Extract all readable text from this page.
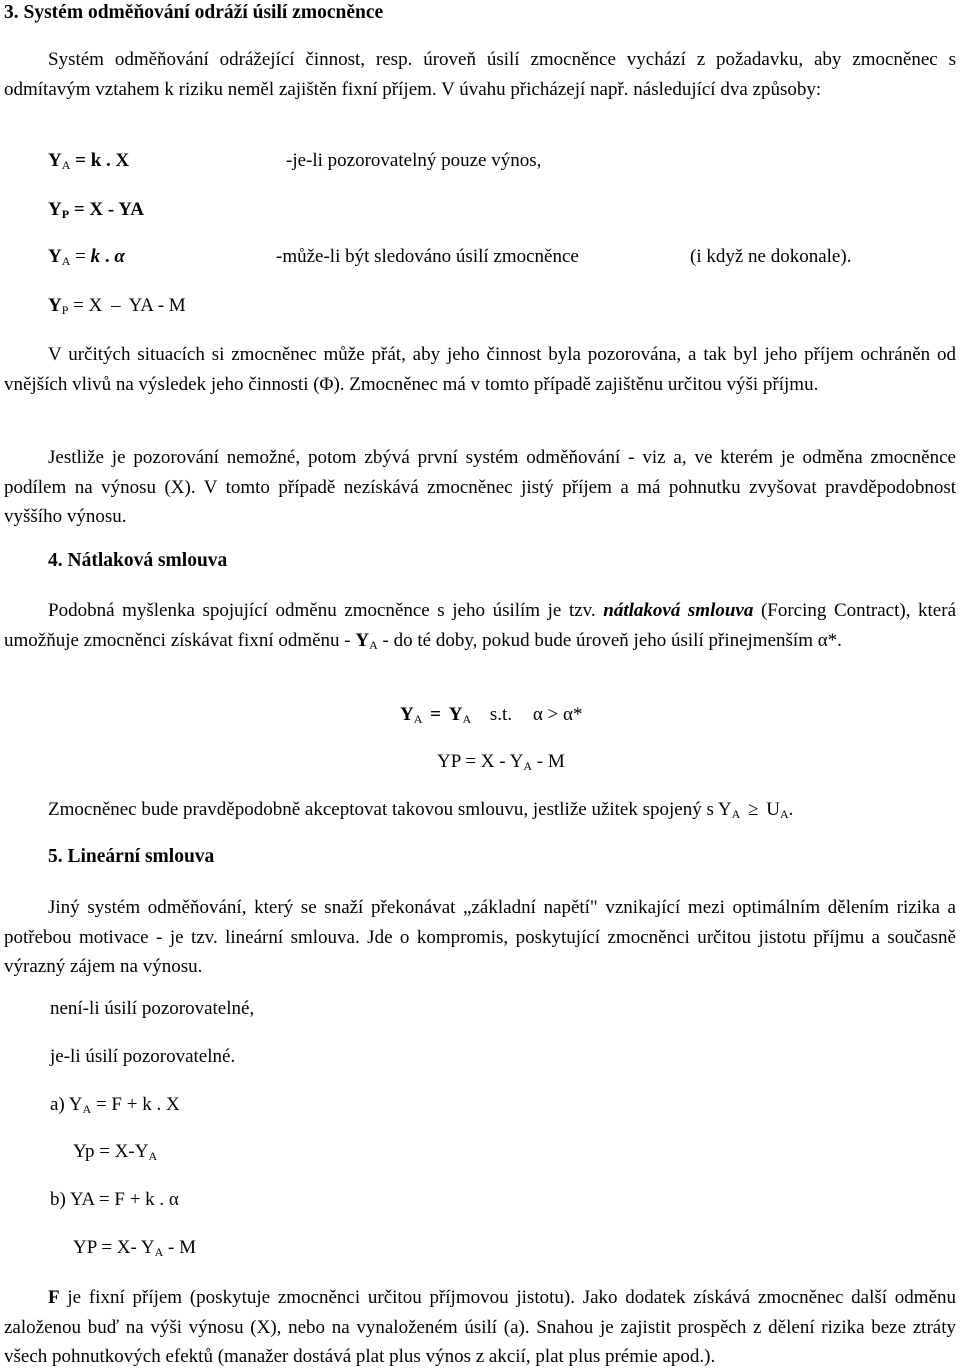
3. Systém odměňování odráží úsilí zmocněnce
Systém odměňování odrážející činnost, resp. úroveň úsilí zmocněnce vychází z požadavku, aby zmocněnec s odmítavým vztahem k riziku neměl zajištěn fixní příjem. V úvahu přicházejí např. následující dva způsoby:
$Y_A = k$ . X	-je-li pozorovatelný pouze výnos,
$Y_P = X$ - YA
$Y_A = k$ . α	-může-li být sledováno úsilí zmocněnce	(i když ne dokonale).
$Y_P = X$ – YA - M
V určitých situacích si zmocněnec může přát, aby jeho činnost byla pozorována, a tak byl jeho příjem ochráněn od vnějších vlivů na výsledek jeho činnosti (Φ). Zmocněnec má v tomto případě zajištěnu určitou výši příjmu.
Jestliže je pozorování nemožné, potom zbývá první systém odměňování - viz a, ve kterém je odměna zmocněnce podílem na výnosu (X). V tomto případě nezískává zmocněnec jistý příjem a má pohnutku zvyšovat pravděpodobnost vyššího výnosu.
4. Nátlaková smlouva
Podobná myšlenka spojující odměnu zmocněnce s jeho úsilím je tzv. nátlaková smlouva (Forcing Contract), která umožňuje zmocněnci získávat fixní odměnu - $Y_A$ - do té doby, pokud bude úroveň jeho úsilí přinejmenším α*.
$Y_A = Y_A$ s.t. α > α*
YP = X - $Y_A$ - M
Zmocněnec bude pravděpodobně akceptovat takovou smlouvu, jestliže užitek spojený s $Y_A \ge U_A$.
5. Lineární smlouva
Jiný systém odměňování, který se snaží překonávat „základní napětí" vznikající mezi optimálním dělením rizika a potřebou motivace - je tzv. lineární smlouva. Jde o kompromis, poskytující zmocněnci určitou jistotu příjmu a současně výrazný zájem na výnosu.
není-li úsilí pozorovatelné,
je-li úsilí pozorovatelné.
a) $Y_A = F + k$ . X
$Yp = X-Y_A$
b) YA = F + k . α
YP = X- $Y_A$ - M
F je fixní příjem (poskytuje zmocněnci určitou příjmovou jistotu). Jako dodatek získává zmocněnec další odměnu založenou buď na výši výnosu (X), nebo na vynaloženém úsilí (a). Snahou je zajistit prospěch z dělení rizika beze ztráty všech pohnutkových efektů (manažer dostává plat plus výnos z akcií, plat plus prémie apod.).
